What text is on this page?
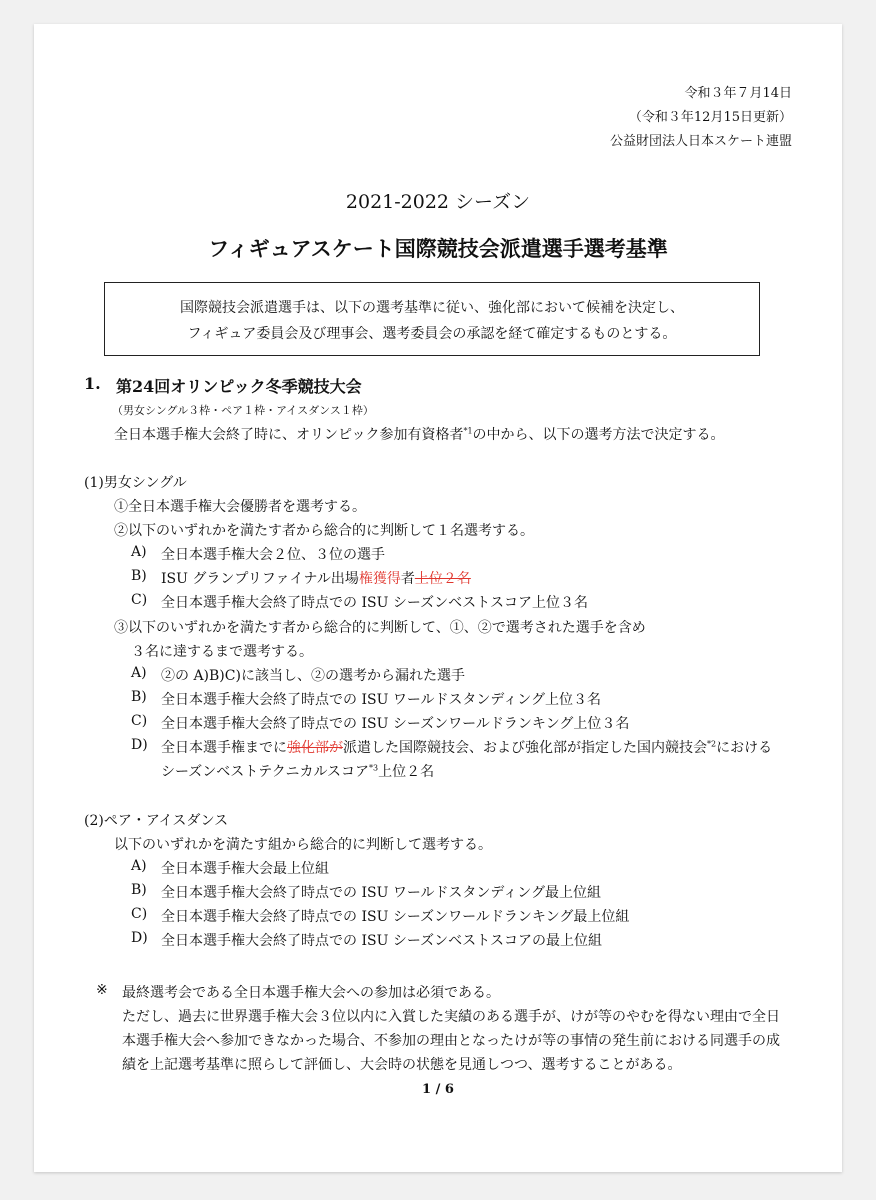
令和３年７月14日
（令和３年12月15日更新）
公益財団法人日本スケート連盟
2021-2022 シーズン
フィギュアスケート国際競技会派遣選手選考基準
国際競技会派遣選手は、以下の選考基準に従い、強化部において候補を決定し、
フィギュア委員会及び理事会、選考委員会の承認を経て確定するものとする。
1. 第24回オリンピック冬季競技大会
（男女シングル３枠・ペア１枠・アイスダンス１枠）
全日本選手権大会終了時に、オリンピック参加有資格者$^{*1}$の中から、以下の選考方法で決定する。
(1)男女シングル
①全日本選手権大会優勝者を選考する。
②以下のいずれかを満たす者から総合的に判断して１名選考する。
A) 全日本選手権大会２位、３位の選手
B) ISU グランプリファイナル出場権獲得者上位２名
C) 全日本選手権大会終了時点での ISU シーズンベストスコア上位３名
③以下のいずれかを満たす者から総合的に判断して、①、②で選考された選手を含め
３名に達するまで選考する。
A) ②の A)B)C)に該当し、②の選考から漏れた選手
B) 全日本選手権大会終了時点での ISU ワールドスタンディング上位３名
C) 全日本選手権大会終了時点での ISU シーズンワールドランキング上位３名
D) 全日本選手権までに強化部が派遣した国際競技会、および強化部が指定した国内競技会$^{*2}$における
シーズンベストテクニカルスコア$^{*3}$上位２名
(2)ペア・アイスダンス
以下のいずれかを満たす組から総合的に判断して選考する。
A) 全日本選手権大会最上位組
B) 全日本選手権大会終了時点での ISU ワールドスタンディング最上位組
C) 全日本選手権大会終了時点での ISU シーズンワールドランキング最上位組
D) 全日本選手権大会終了時点での ISU シーズンベストスコアの最上位組
※ 最終選考会である全日本選手権大会への参加は必須である。
ただし、過去に世界選手権大会３位以内に入賞した実績のある選手が、けが等のやむを得ない理由で全日
本選手権大会へ参加できなかった場合、不参加の理由となったけが等の事情の発生前における同選手の成
績を上記選考基準に照らして評価し、大会時の状態を見通しつつ、選考することがある。
1 / 6
